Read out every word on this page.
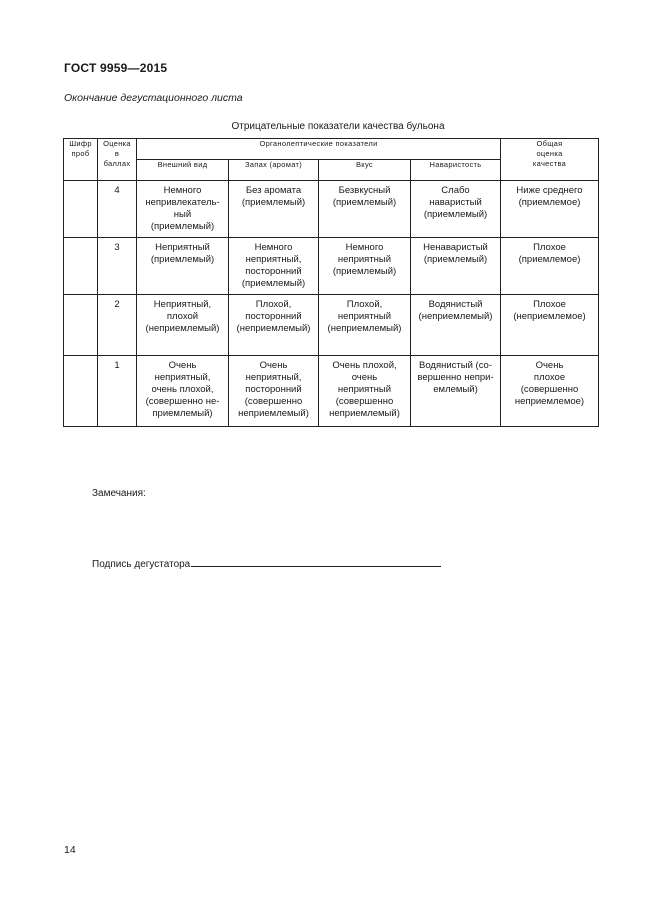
ГОСТ 9959—2015
Окончание дегустационного листа
Отрицательные показатели качества бульона
Шифр
проб	Оценка
в
баллах	Органолептические показатели				Общая
оценка
качества
		Внешний вид	Запах (аромат)	Вкус	Наваристость	
	4	Немного
непривлекатель-
ный
(приемлемый)	Без аромата
(приемлемый)	Безвкусный
(приемлемый)	Слабо
наваристый
(приемлемый)	Ниже среднего
(приемлемое)
	3	Неприятный
(приемлемый)	Немного
неприятный,
посторонний
(приемлемый)	Немного
неприятный
(приемлемый)	Ненаваристый
(приемлемый)	Плохое
(приемлемое)
	2	Неприятный,
плохой
(неприемлемый)	Плохой,
посторонний
(неприемлемый)	Плохой,
неприятный
(неприемлемый)	Водянистый
(неприемлемый)	Плохое
(неприемлемое)
	1	Очень
неприятный,
очень плохой,
(совершенно не-
приемлемый)	Очень
неприятный,
посторонний
(совершенно
неприемлемый)	Очень плохой,
очень
неприятный
(совершенно
неприемлемый)	Водянистый (со-
вершенно непри-
емлемый)	Очень
плохое
(совершенно
неприемлемое)
Замечания:
Подпись дегустатора
14
